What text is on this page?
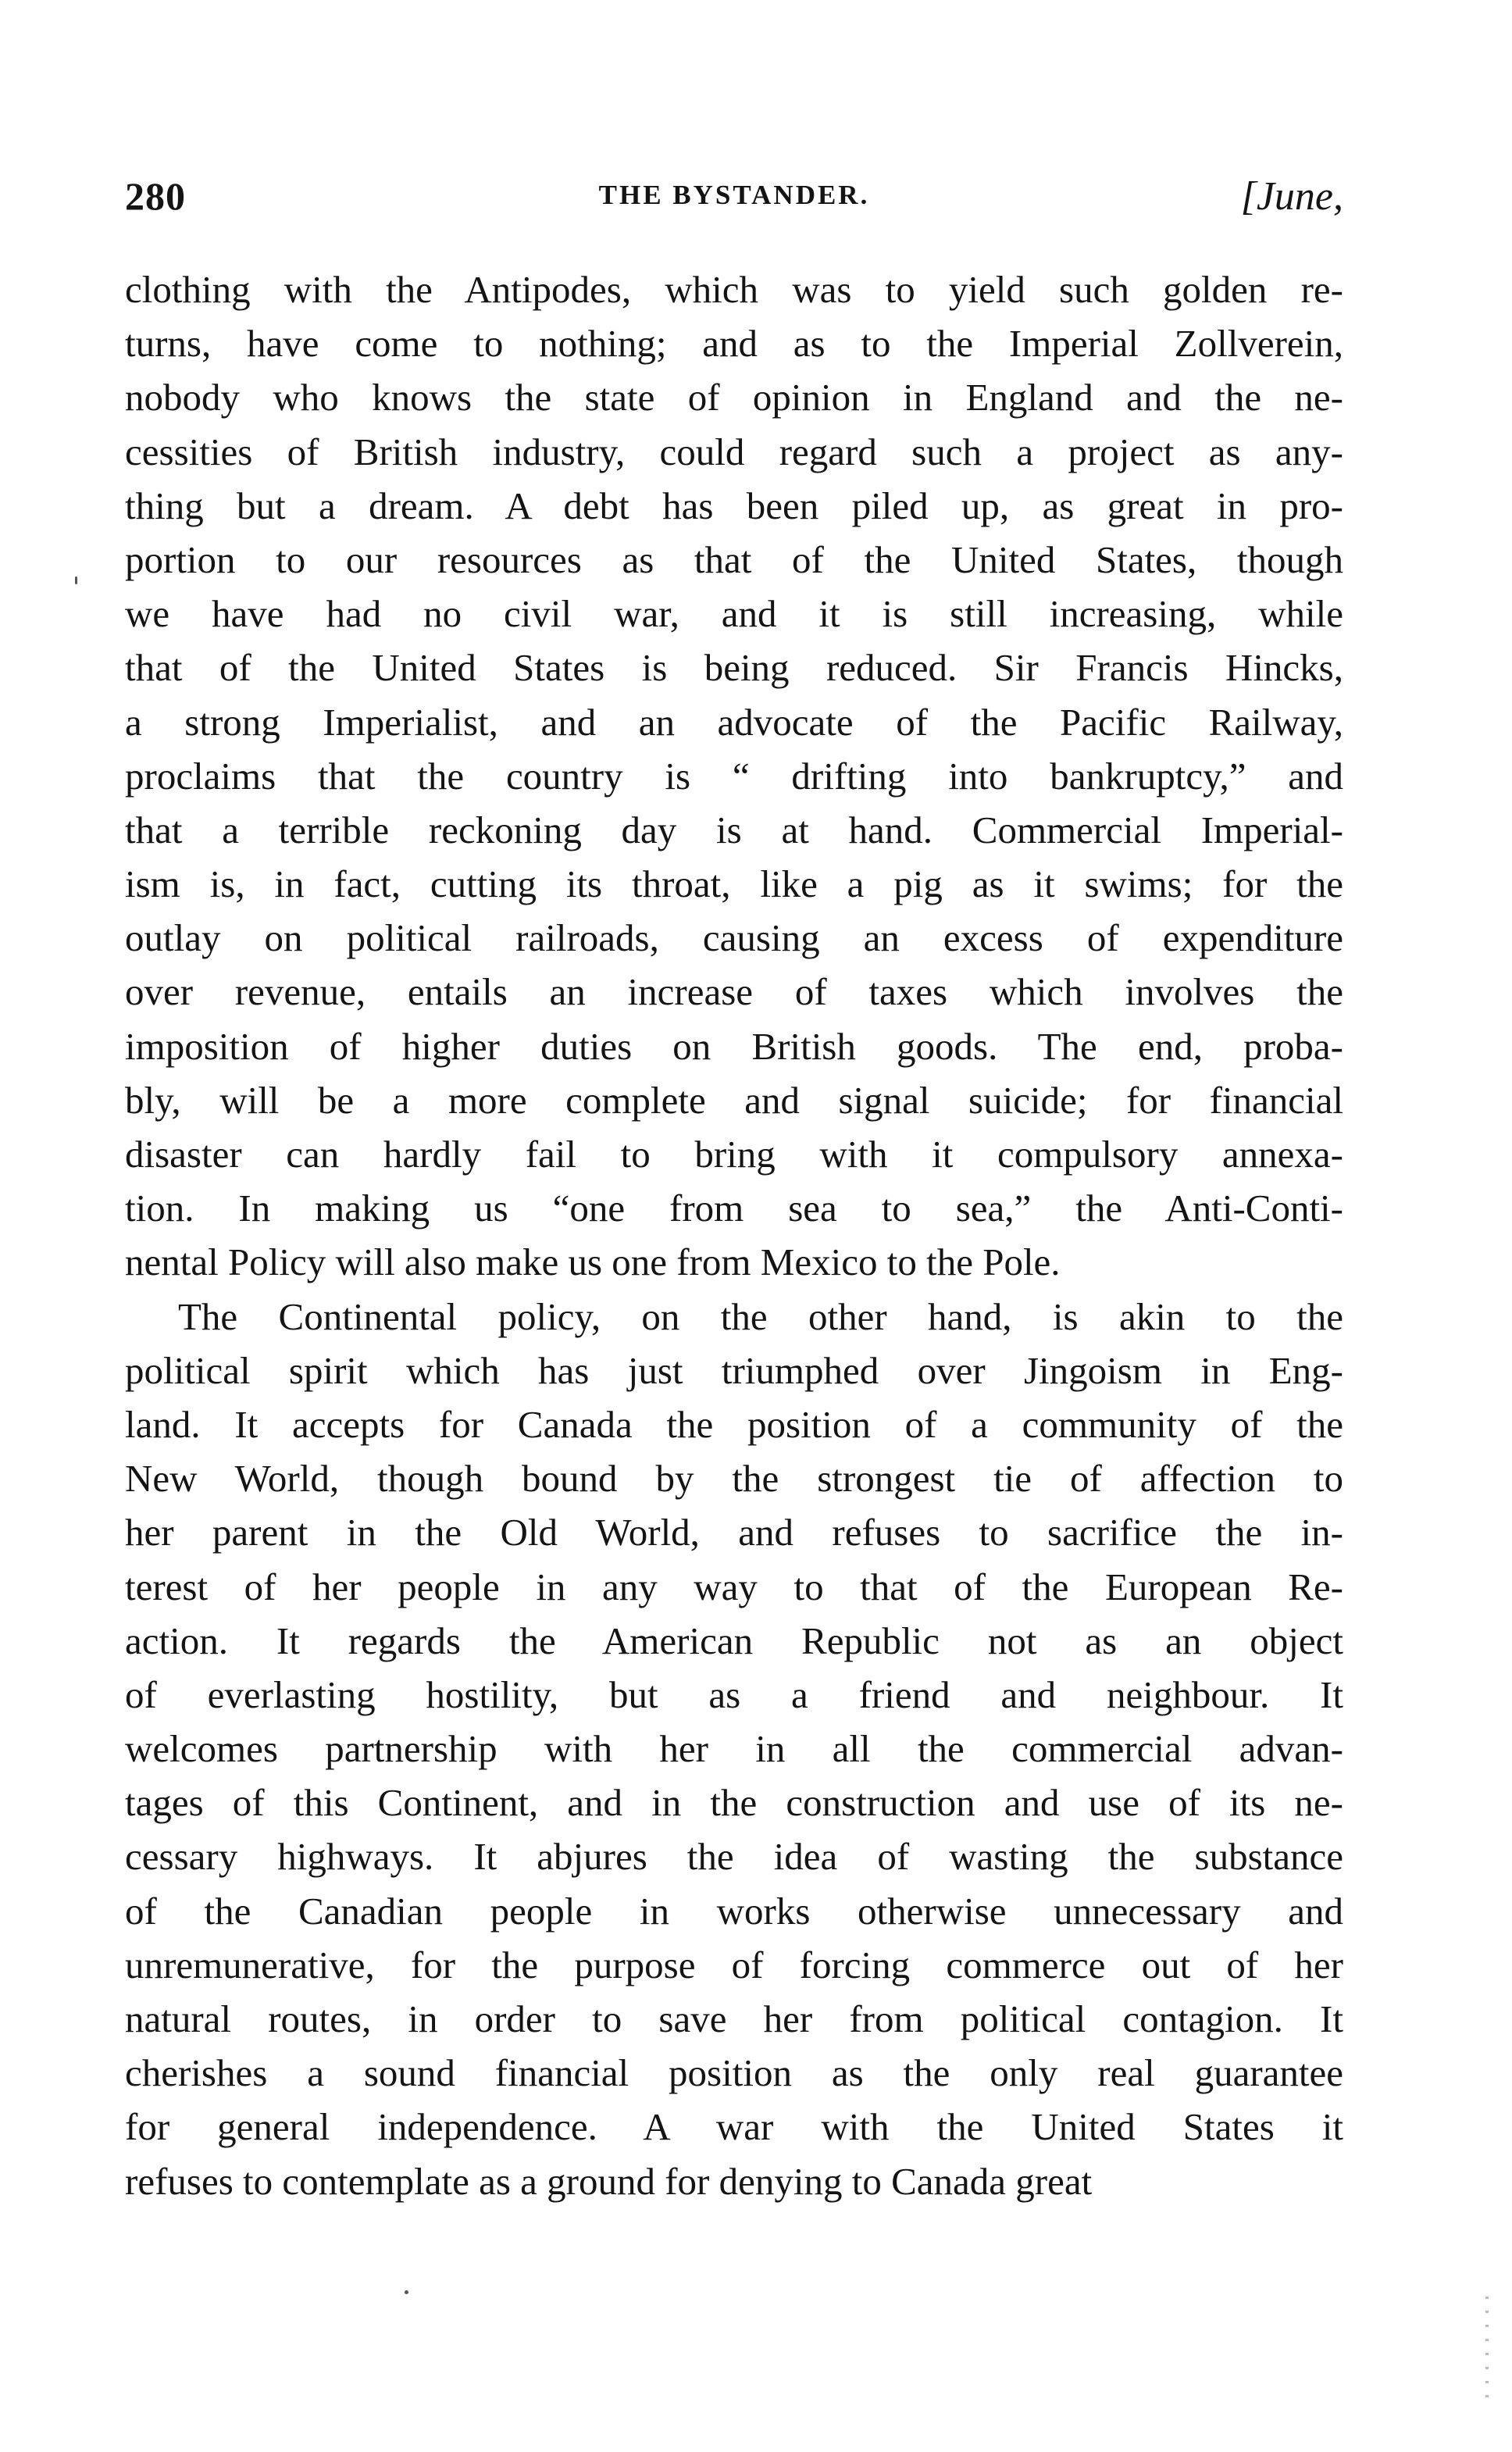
280	THE BYSTANDER.	[June,
clothing with the Antipodes, which was to yield such golden re-
turns, have come to nothing; and as to the Imperial Zollverein,
nobody who knows the state of opinion in England and the ne-
cessities of British industry, could regard such a project as any-
thing but a dream. A debt has been piled up, as great in pro-
portion to our resources as that of the United States, though
we have had no civil war, and it is still increasing, while
that of the United States is being reduced. Sir Francis Hincks,
a strong Imperialist, and an advocate of the Pacific Railway,
proclaims that the country is “ drifting into bankruptcy,” and
that a terrible reckoning day is at hand. Commercial Imperial-
ism is, in fact, cutting its throat, like a pig as it swims; for the
outlay on political railroads, causing an excess of expenditure
over revenue, entails an increase of taxes which involves the
imposition of higher duties on British goods. The end, proba-
bly, will be a more complete and signal suicide; for financial
disaster can hardly fail to bring with it compulsory annexa-
tion. In making us “one from sea to sea,” the Anti-Conti-
nental Policy will also make us one from Mexico to the Pole.
The Continental policy, on the other hand, is akin to the
political spirit which has just triumphed over Jingoism in Eng-
land. It accepts for Canada the position of a community of the
New World, though bound by the strongest tie of affection to
her parent in the Old World, and refuses to sacrifice the in-
terest of her people in any way to that of the European Re-
action. It regards the American Republic not as an object
of everlasting hostility, but as a friend and neighbour. It
welcomes partnership with her in all the commercial advan-
tages of this Continent, and in the construction and use of its ne-
cessary highways. It abjures the idea of wasting the substance
of the Canadian people in works otherwise unnecessary and
unremunerative, for the purpose of forcing commerce out of her
natural routes, in order to save her from political contagion. It
cherishes a sound financial position as the only real guarantee
for general independence. A war with the United States it
refuses to contemplate as a ground for denying to Canada great
